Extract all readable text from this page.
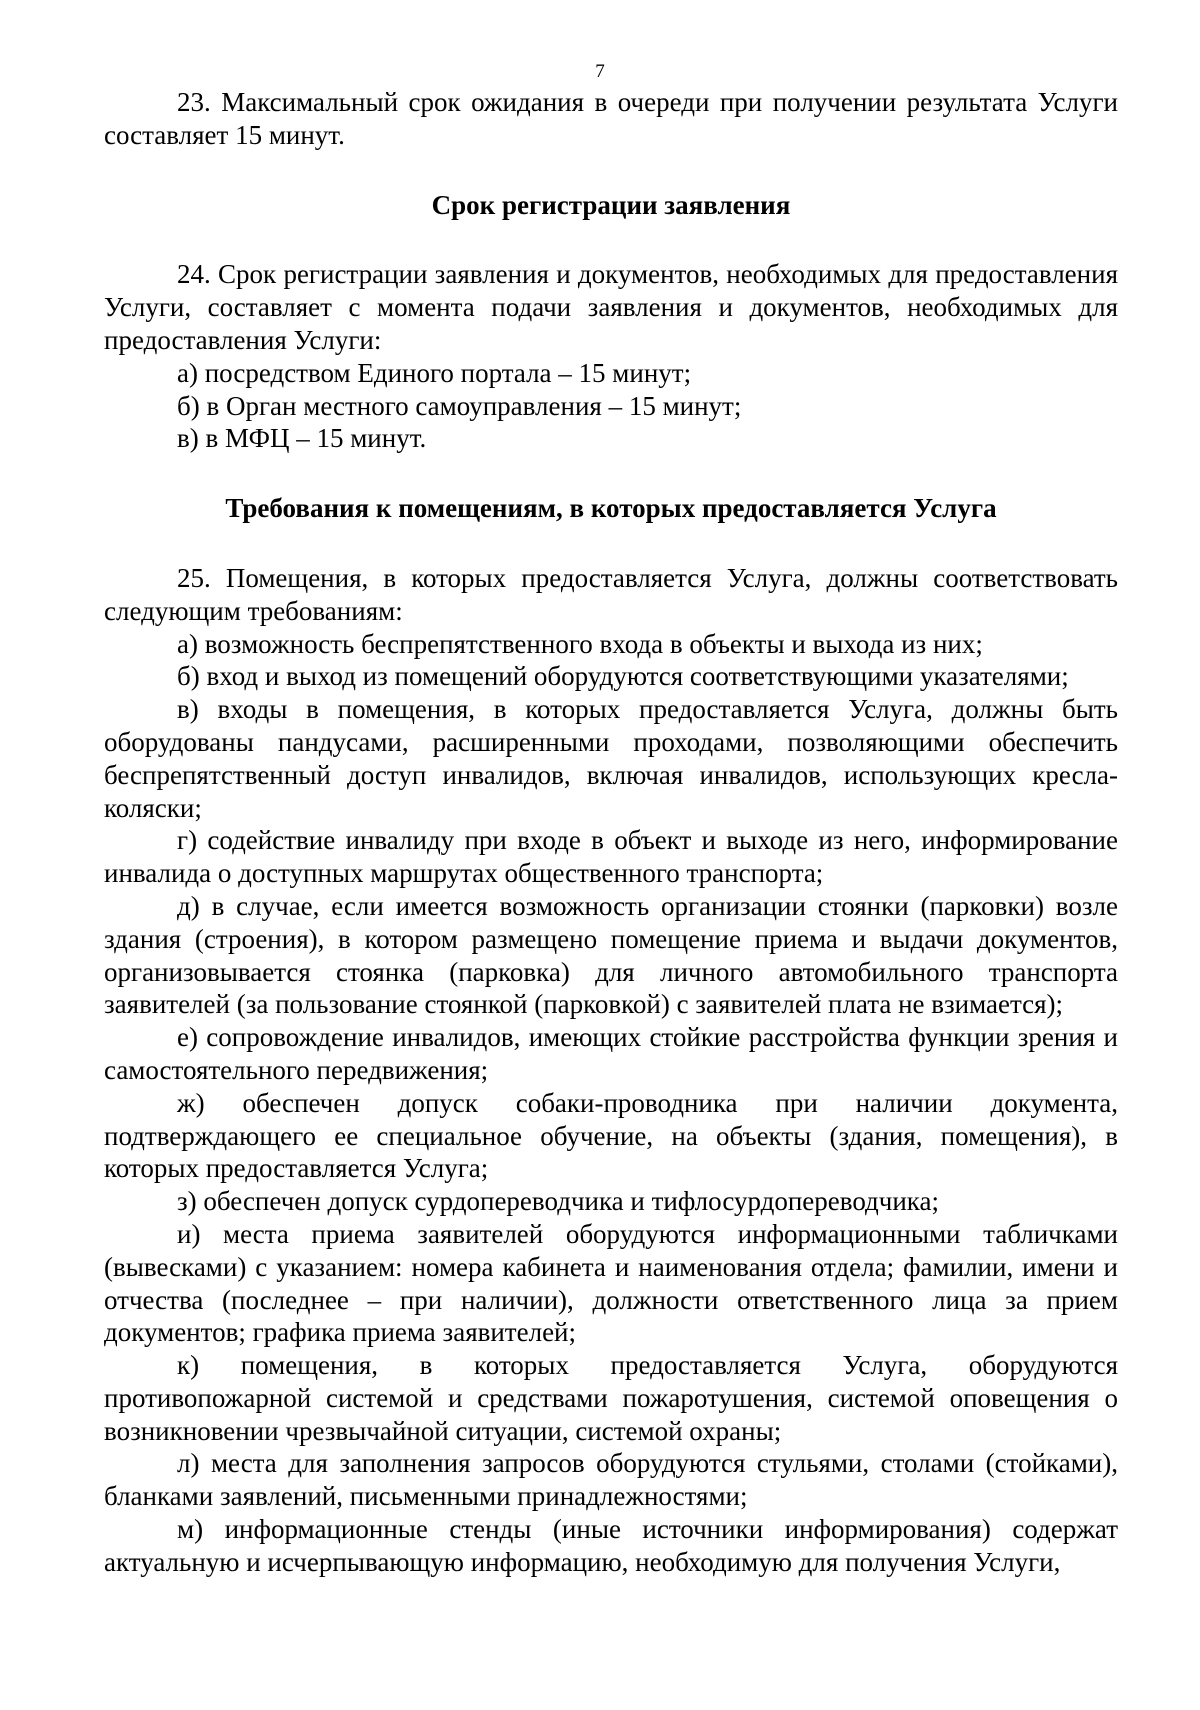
7

23. Максимальный срок ожидания в очереди при получении результата Услуги составляет 15 минут.

Срок регистрации заявления

24. Срок регистрации заявления и документов, необходимых для предоставления Услуги, составляет с момента подачи заявления и документов, необходимых для предоставления Услуги:

а) посредством Единого портала – 15 минут;

б) в Орган местного самоуправления – 15 минут;

в) в МФЦ – 15 минут.

Требования к помещениям, в которых предоставляется Услуга

25. Помещения, в которых предоставляется Услуга, должны соответствовать следующим требованиям:

а) возможность беспрепятственного входа в объекты и выхода из них;

б) вход и выход из помещений оборудуются соответствующими указателями;

в) входы в помещения, в которых предоставляется Услуга, должны быть оборудованы пандусами, расширенными проходами, позволяющими обеспечить беспрепятственный доступ инвалидов, включая инвалидов, использующих кресла-коляски;

г) содействие инвалиду при входе в объект и выходе из него, информирование инвалида о доступных маршрутах общественного транспорта;

д) в случае, если имеется возможность организации стоянки (парковки) возле здания (строения), в котором размещено помещение приема и выдачи документов, организовывается стоянка (парковка) для личного автомобильного транспорта заявителей (за пользование стоянкой (парковкой) с заявителей плата не взимается);

е) сопровождение инвалидов, имеющих стойкие расстройства функции зрения и самостоятельного передвижения;

ж) обеспечен допуск собаки-проводника при наличии документа, подтверждающего ее специальное обучение, на объекты (здания, помещения), в которых предоставляется Услуга;

з) обеспечен допуск сурдопереводчика и тифлосурдопереводчика;

и) места приема заявителей оборудуются информационными табличками (вывесками) с указанием: номера кабинета и наименования отдела; фамилии, имени и отчества (последнее – при наличии), должности ответственного лица за прием документов; графика приема заявителей;

к) помещения, в которых предоставляется Услуга, оборудуются противопожарной системой и средствами пожаротушения, системой оповещения о возникновении чрезвычайной ситуации, системой охраны;

л) места для заполнения запросов оборудуются стульями, столами (стойками), бланками заявлений, письменными принадлежностями;

м) информационные стенды (иные источники информирования) содержат актуальную и исчерпывающую информацию, необходимую для получения Услуги,
